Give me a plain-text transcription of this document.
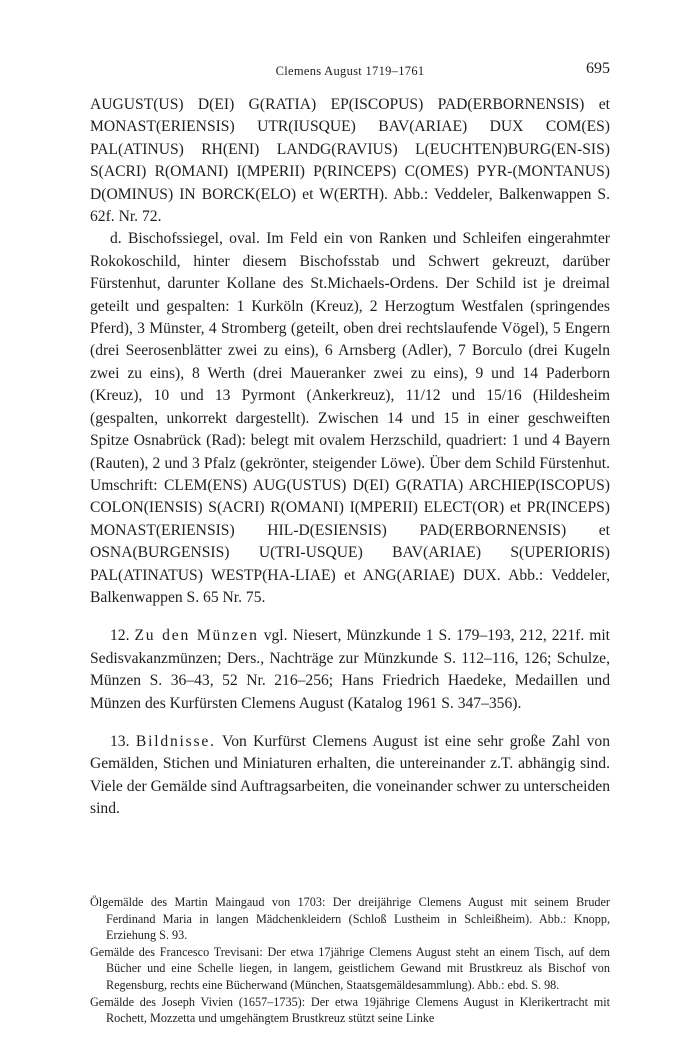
Clemens August 1719–1761	695

AUGUST(US) D(EI) G(RATIA) EP(ISCOPUS) PAD(ERBORNENSIS) et MONAST(ERIENSIS) UTR(IUSQUE) BAV(ARIAE) DUX COM(ES) PAL(ATINUS) RH(ENI) LANDG(RAVIUS) L(EUCHTEN)BURG(EN-SIS) S(ACRI) R(OMANI) I(MPERII) P(RINCEPS) C(OMES) PYR-(MONTANUS) D(OMINUS) IN BORCK(ELO) et W(ERTH). Abb.: Veddeler, Balkenwappen S. 62f. Nr. 72.

d. Bischofssiegel, oval. Im Feld ein von Ranken und Schleifen eingerahmter Rokokoschild, hinter diesem Bischofsstab und Schwert gekreuzt, darüber Fürstenhut, darunter Kollane des St.Michaels-Ordens. Der Schild ist je dreimal geteilt und gespalten: 1 Kurköln (Kreuz), 2 Herzogtum Westfalen (springendes Pferd), 3 Münster, 4 Stromberg (geteilt, oben drei rechtslaufende Vögel), 5 Engern (drei Seerosenblätter zwei zu eins), 6 Arnsberg (Adler), 7 Borculo (drei Kugeln zwei zu eins), 8 Werth (drei Maueranker zwei zu eins), 9 und 14 Paderborn (Kreuz), 10 und 13 Pyrmont (Ankerkreuz), 11/12 und 15/16 (Hildesheim (gespalten, unkorrekt dargestellt). Zwischen 14 und 15 in einer geschweiften Spitze Osnabrück (Rad): belegt mit ovalem Herzschild, quadriert: 1 und 4 Bayern (Rauten), 2 und 3 Pfalz (gekrönter, steigender Löwe). Über dem Schild Fürstenhut. Umschrift: CLEM(ENS) AUG(USTUS) D(EI) G(RATIA) ARCHIEP(ISCOPUS) COLON(IENSIS) S(ACRI) R(OMANI) I(MPERII) ELECT(OR) et PR(INCEPS) MONAST(ERIENSIS) HIL-D(ESIENSIS) PAD(ERBORNENSIS) et OSNA(BURGENSIS) U(TRI-USQUE) BAV(ARIAE) S(UPERIORIS) PAL(ATINATUS) WESTP(HA-LIAE) et ANG(ARIAE) DUX. Abb.: Veddeler, Balkenwappen S. 65 Nr. 75.

12. Zu den Münzen vgl. Niesert, Münzkunde 1 S. 179–193, 212, 221f. mit Sedisvakanzmünzen; Ders., Nachträge zur Münzkunde S. 112–116, 126; Schulze, Münzen S. 36–43, 52 Nr. 216–256; Hans Friedrich Haedeke, Medaillen und Münzen des Kurfürsten Clemens August (Katalog 1961 S. 347–356).

13. Bildnisse. Von Kurfürst Clemens August ist eine sehr große Zahl von Gemälden, Stichen und Miniaturen erhalten, die untereinander z.T. abhängig sind. Viele der Gemälde sind Auftragsarbeiten, die voneinander schwer zu unterscheiden sind.

Ölgemälde des Martin Maingaud von 1703: Der dreijährige Clemens August mit seinem Bruder Ferdinand Maria in langen Mädchenkleidern (Schloß Lustheim in Schleißheim). Abb.: Knopp, Erziehung S. 93.

Gemälde des Francesco Trevisani: Der etwa 17jährige Clemens August steht an einem Tisch, auf dem Bücher und eine Schelle liegen, in langem, geistlichem Gewand mit Brustkreuz als Bischof von Regensburg, rechts eine Bücherwand (München, Staatsgemäldesammlung). Abb.: ebd. S. 98.

Gemälde des Joseph Vivien (1657–1735): Der etwa 19jährige Clemens August in Klerikertracht mit Rochett, Mozzetta und umgehängtem Brustkreuz stützt seine Linke
